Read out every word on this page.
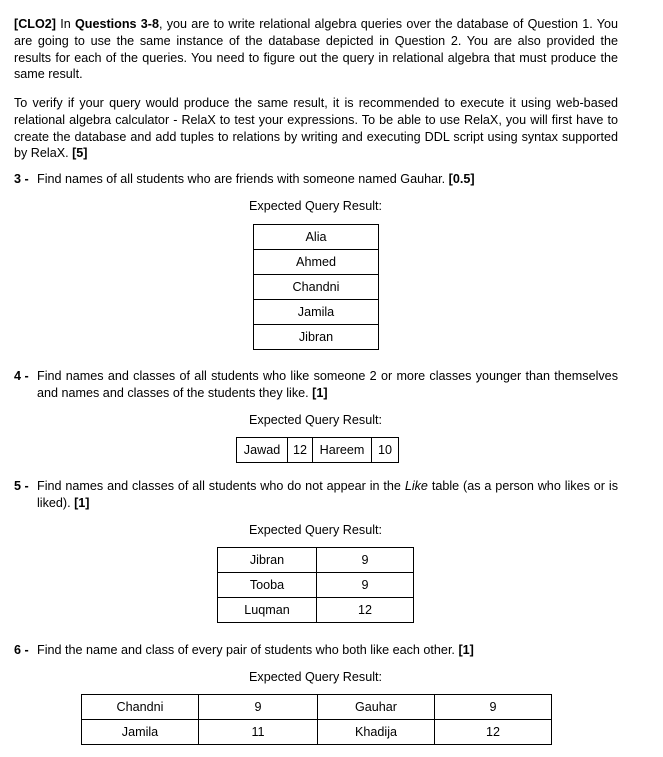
[CLO2] In Questions 3-8, you are to write relational algebra queries over the database of Question 1. You are going to use the same instance of the database depicted in Question 2. You are also provided the results for each of the queries. You need to figure out the query in relational algebra that must produce the same result.
To verify if your query would produce the same result, it is recommended to execute it using web-based relational algebra calculator - RelaX to test your expressions. To be able to use RelaX, you will first have to create the database and add tuples to relations by writing and executing DDL script using syntax supported by RelaX. [5]
3 - Find names of all students who are friends with someone named Gauhar. [0.5]
Expected Query Result:
Alia
Ahmed
Chandni
Jamila
Jibran
4 - Find names and classes of all students who like someone 2 or more classes younger than themselves and names and classes of the students they like. [1]
Expected Query Result:
Jawad	12	Hareem	10
5 - Find names and classes of all students who do not appear in the Like table (as a person who likes or is liked). [1]
Expected Query Result:
Jibran	9
Tooba	9
Luqman	12
6 - Find the name and class of every pair of students who both like each other. [1]
Expected Query Result:
Chandni	9	Gauhar	9
Jamila	11	Khadija	12
